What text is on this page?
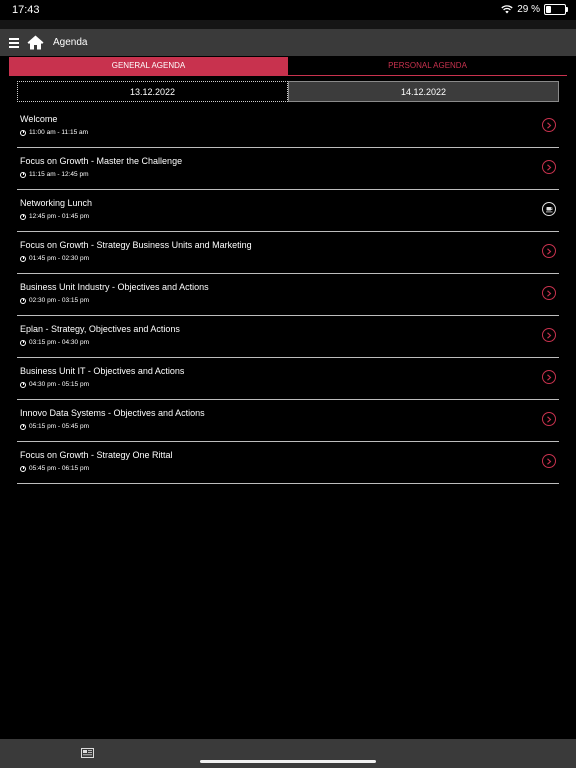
17:43	29 %
Agenda
GENERAL AGENDA	PERSONAL AGENDA
13.12.2022	14.12.2022
Welcome
11:00 am - 11:15 am
Focus on Growth - Master the Challenge
11:15 am - 12:45 pm
Networking Lunch
12:45 pm - 01:45 pm
Focus on Growth - Strategy Business Units and Marketing
01:45 pm - 02:30 pm
Business Unit Industry - Objectives and Actions
02:30 pm - 03:15 pm
Eplan - Strategy, Objectives and Actions
03:15 pm - 04:30 pm
Business Unit IT - Objectives and Actions
04:30 pm - 05:15 pm
Innovo Data Systems - Objectives and Actions
05:15 pm - 05:45 pm
Focus on Growth - Strategy One Rittal
05:45 pm - 06:15 pm
